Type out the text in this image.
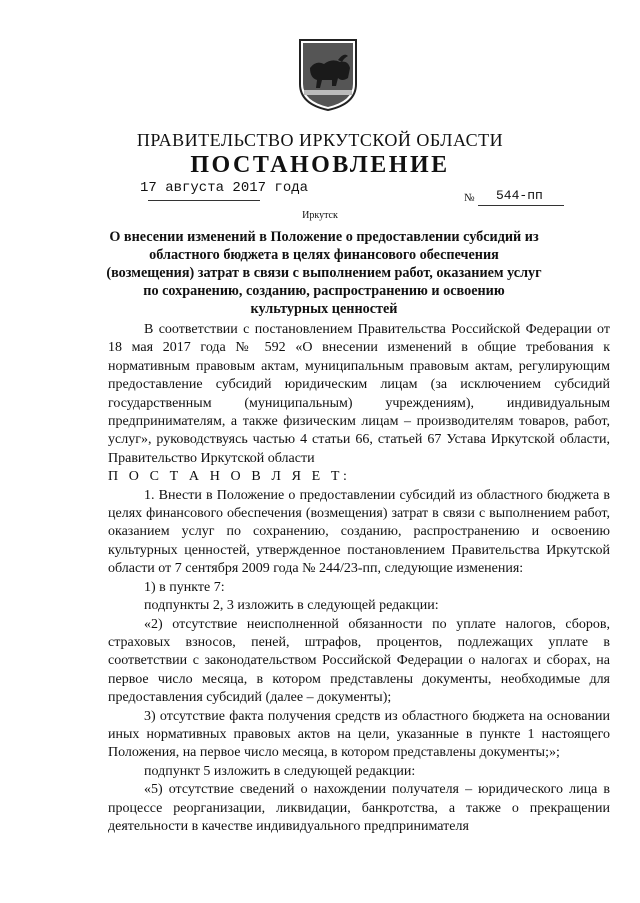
ПРАВИТЕЛЬСТВО ИРКУТСКОЙ ОБЛАСТИ
ПОСТАНОВЛЕНИЕ
17 августа 2017 года
№ 544-пп
Иркутск
О внесении изменений в Положение о предоставлении субсидий из областного бюджета в целях финансового обеспечения (возмещения) затрат в связи с выполнением работ, оказанием услуг по сохранению, созданию, распространению и освоению культурных ценностей

В соответствии с постановлением Правительства Российской Федерации от 18 мая 2017 года № 592 «О внесении изменений в общие требования к нормативным правовым актам, муниципальным правовым актам, регулирующим предоставление субсидий юридическим лицам (за исключением субсидий государственным (муниципальным) учреждениям), индивидуальным предпринимателям, а также физическим лицам – производителям товаров, работ, услуг», руководствуясь частью 4 статьи 66, статьей 67 Устава Иркутской области, Правительство Иркутской области

П О С Т А Н О В Л Я Е Т:

1. Внести в Положение о предоставлении субсидий из областного бюджета в целях финансового обеспечения (возмещения) затрат в связи с выполнением работ, оказанием услуг по сохранению, созданию, распространению и освоению культурных ценностей, утвержденное постановлением Правительства Иркутской области от 7 сентября 2009 года № 244/23-пп, следующие изменения:

1) в пункте 7:

подпункты 2, 3 изложить в следующей редакции:

«2) отсутствие неисполненной обязанности по уплате налогов, сборов, страховых взносов, пеней, штрафов, процентов, подлежащих уплате в соответствии с законодательством Российской Федерации о налогах и сборах, на первое число месяца, в котором представлены документы, необходимые для предоставления субсидий (далее – документы);

3) отсутствие факта получения средств из областного бюджета на основании иных нормативных правовых актов на цели, указанные в пункте 1 настоящего Положения, на первое число месяца, в котором представлены документы;»;

подпункт 5 изложить в следующей редакции:

«5) отсутствие сведений о нахождении получателя – юридического лица в процессе реорганизации, ликвидации, банкротства, а также о прекращении деятельности в качестве индивидуального предпринимателя
